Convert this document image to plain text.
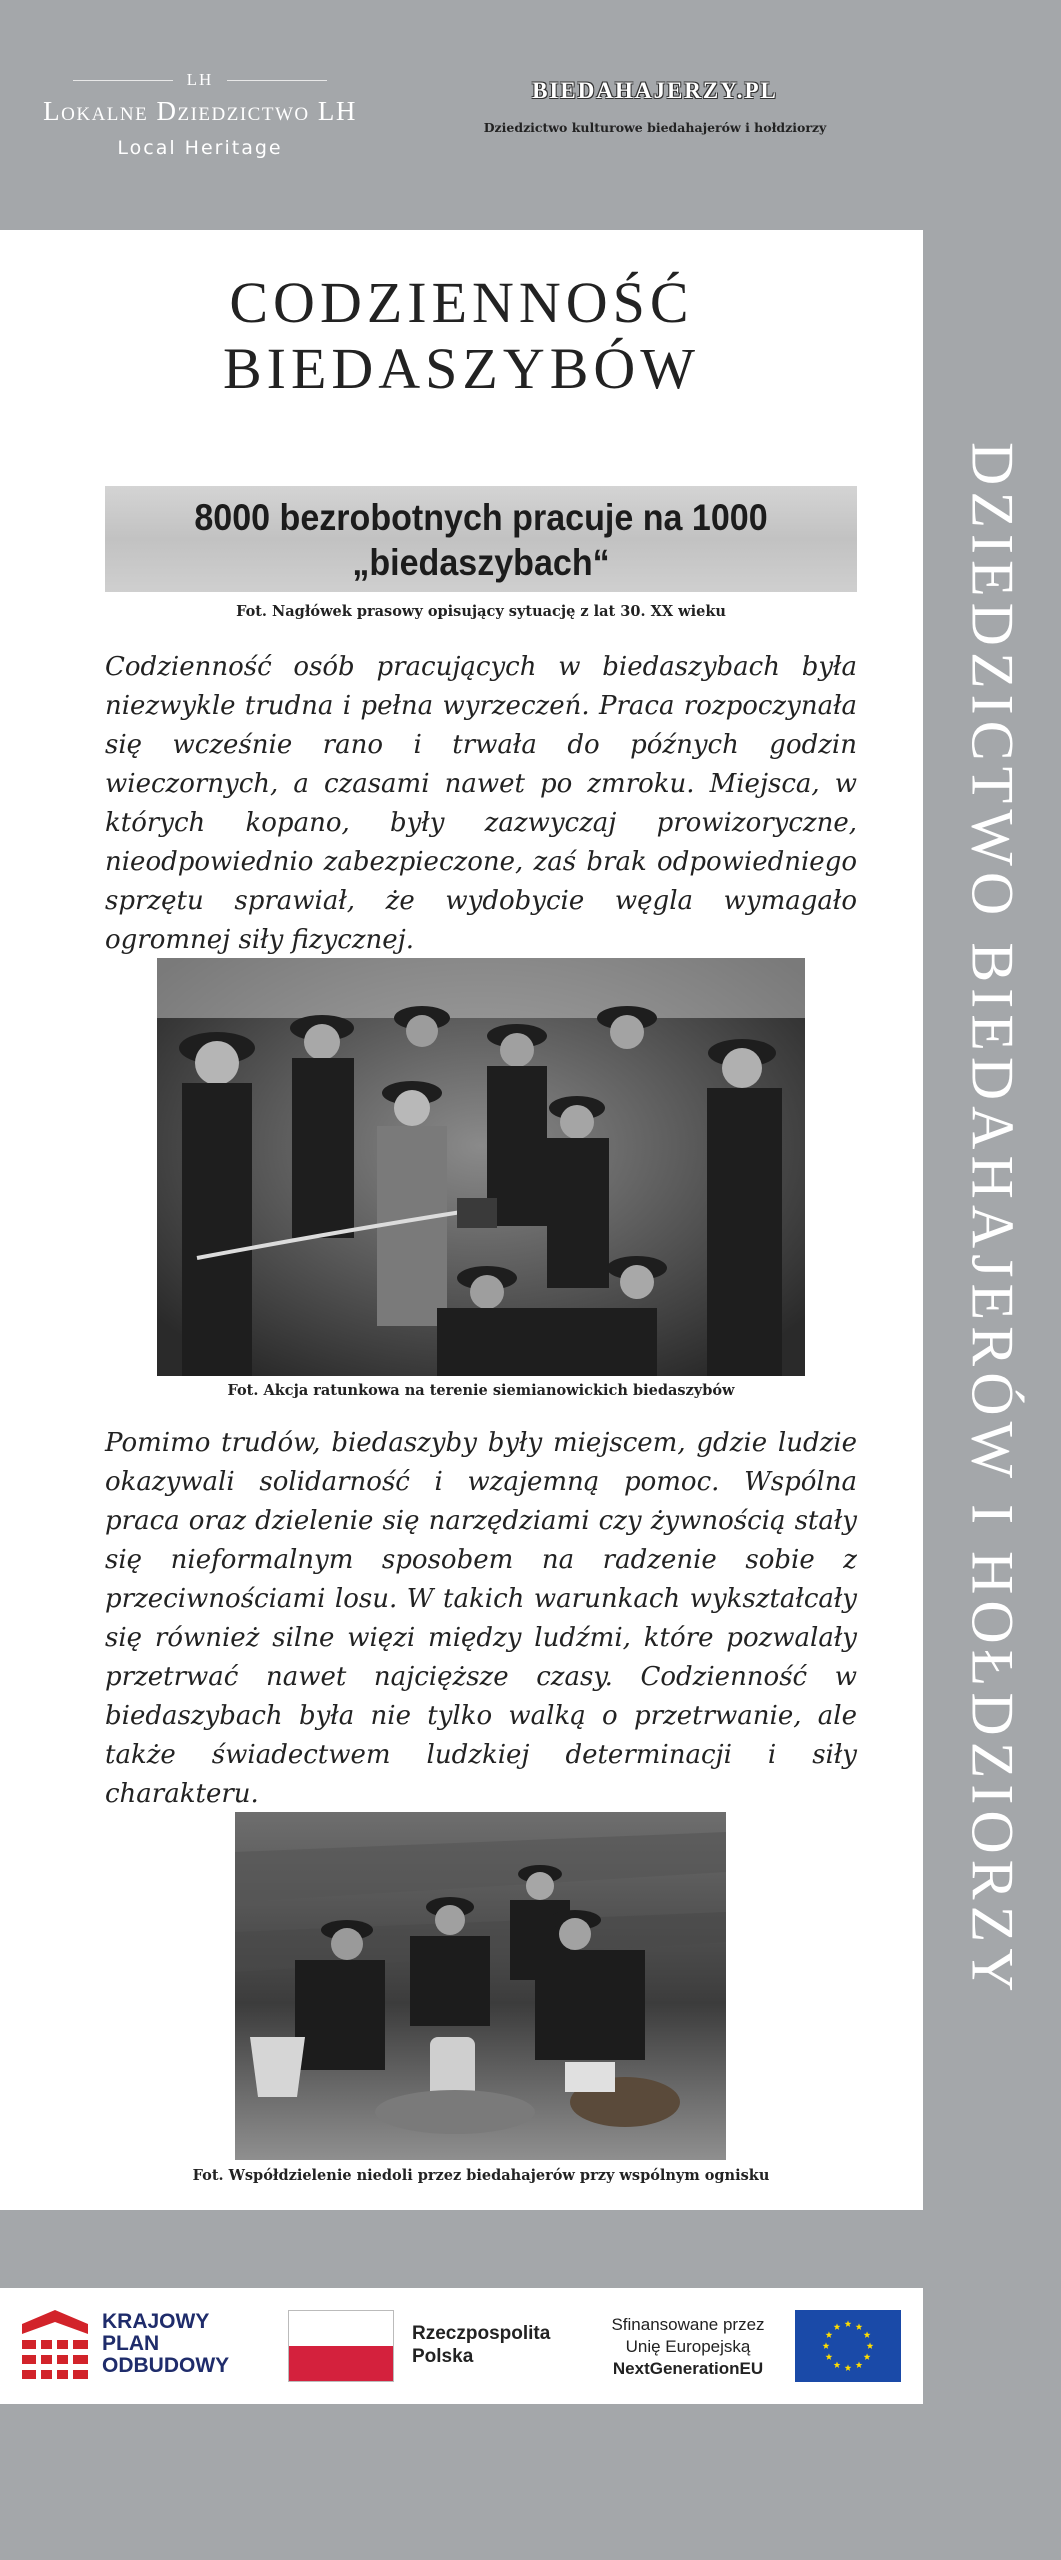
LH
Lokalne Dziedzictwo LH
Local Heritage
BIEDAHAJERZY.PL
Dziedzictwo kulturowe biedahajerów i hołdziorzy
CODZIENNOŚĆ
BIEDASZYBÓW
8000 bezrobotnych pracuje na 1000
„biedaszybach“
Fot. Nagłówek prasowy opisujący sytuację z lat 30. XX wieku

Codzienność osób pracujących w biedaszybach była niezwykle trudna i pełna wyrzeczeń. Praca rozpoczynała się wcześnie rano i trwała do późnych godzin wieczornych, a czasami nawet po zmroku. Miejsca, w których kopano, były zazwyczaj prowizoryczne, nieodpowiednio zabezpieczone, zaś brak odpowiedniego sprzętu sprawiał, że wydobycie węgla wymagało ogromnej siły fizycznej.

Fot. Akcja ratunkowa na terenie siemianowickich biedaszybów

Pomimo trudów, biedaszyby były miejscem, gdzie ludzie okazywali solidarność i wzajemną pomoc. Wspólna praca oraz dzielenie się narzędziami czy żywnością stały się nieformalnym sposobem na radzenie sobie z przeciwnościami losu. W takich warunkach wykształcały się również silne więzi między ludźmi, które pozwalały przetrwać nawet najcięższe czasy. Codzienność w biedaszybach była nie tylko walką o przetrwanie, ale także świadectwem ludzkiej determinacji i siły charakteru.

Fot. Współdzielenie niedoli przez biedahajerów przy wspólnym ognisku
DZIEDZICTWO BIEDAHAJERÓW I HOŁDZIORZY
KRAJOWY
PLAN
ODBUDOWY
Rzeczpospolita
Polska
Sfinansowane przez
Unię Europejską
NextGenerationEU
